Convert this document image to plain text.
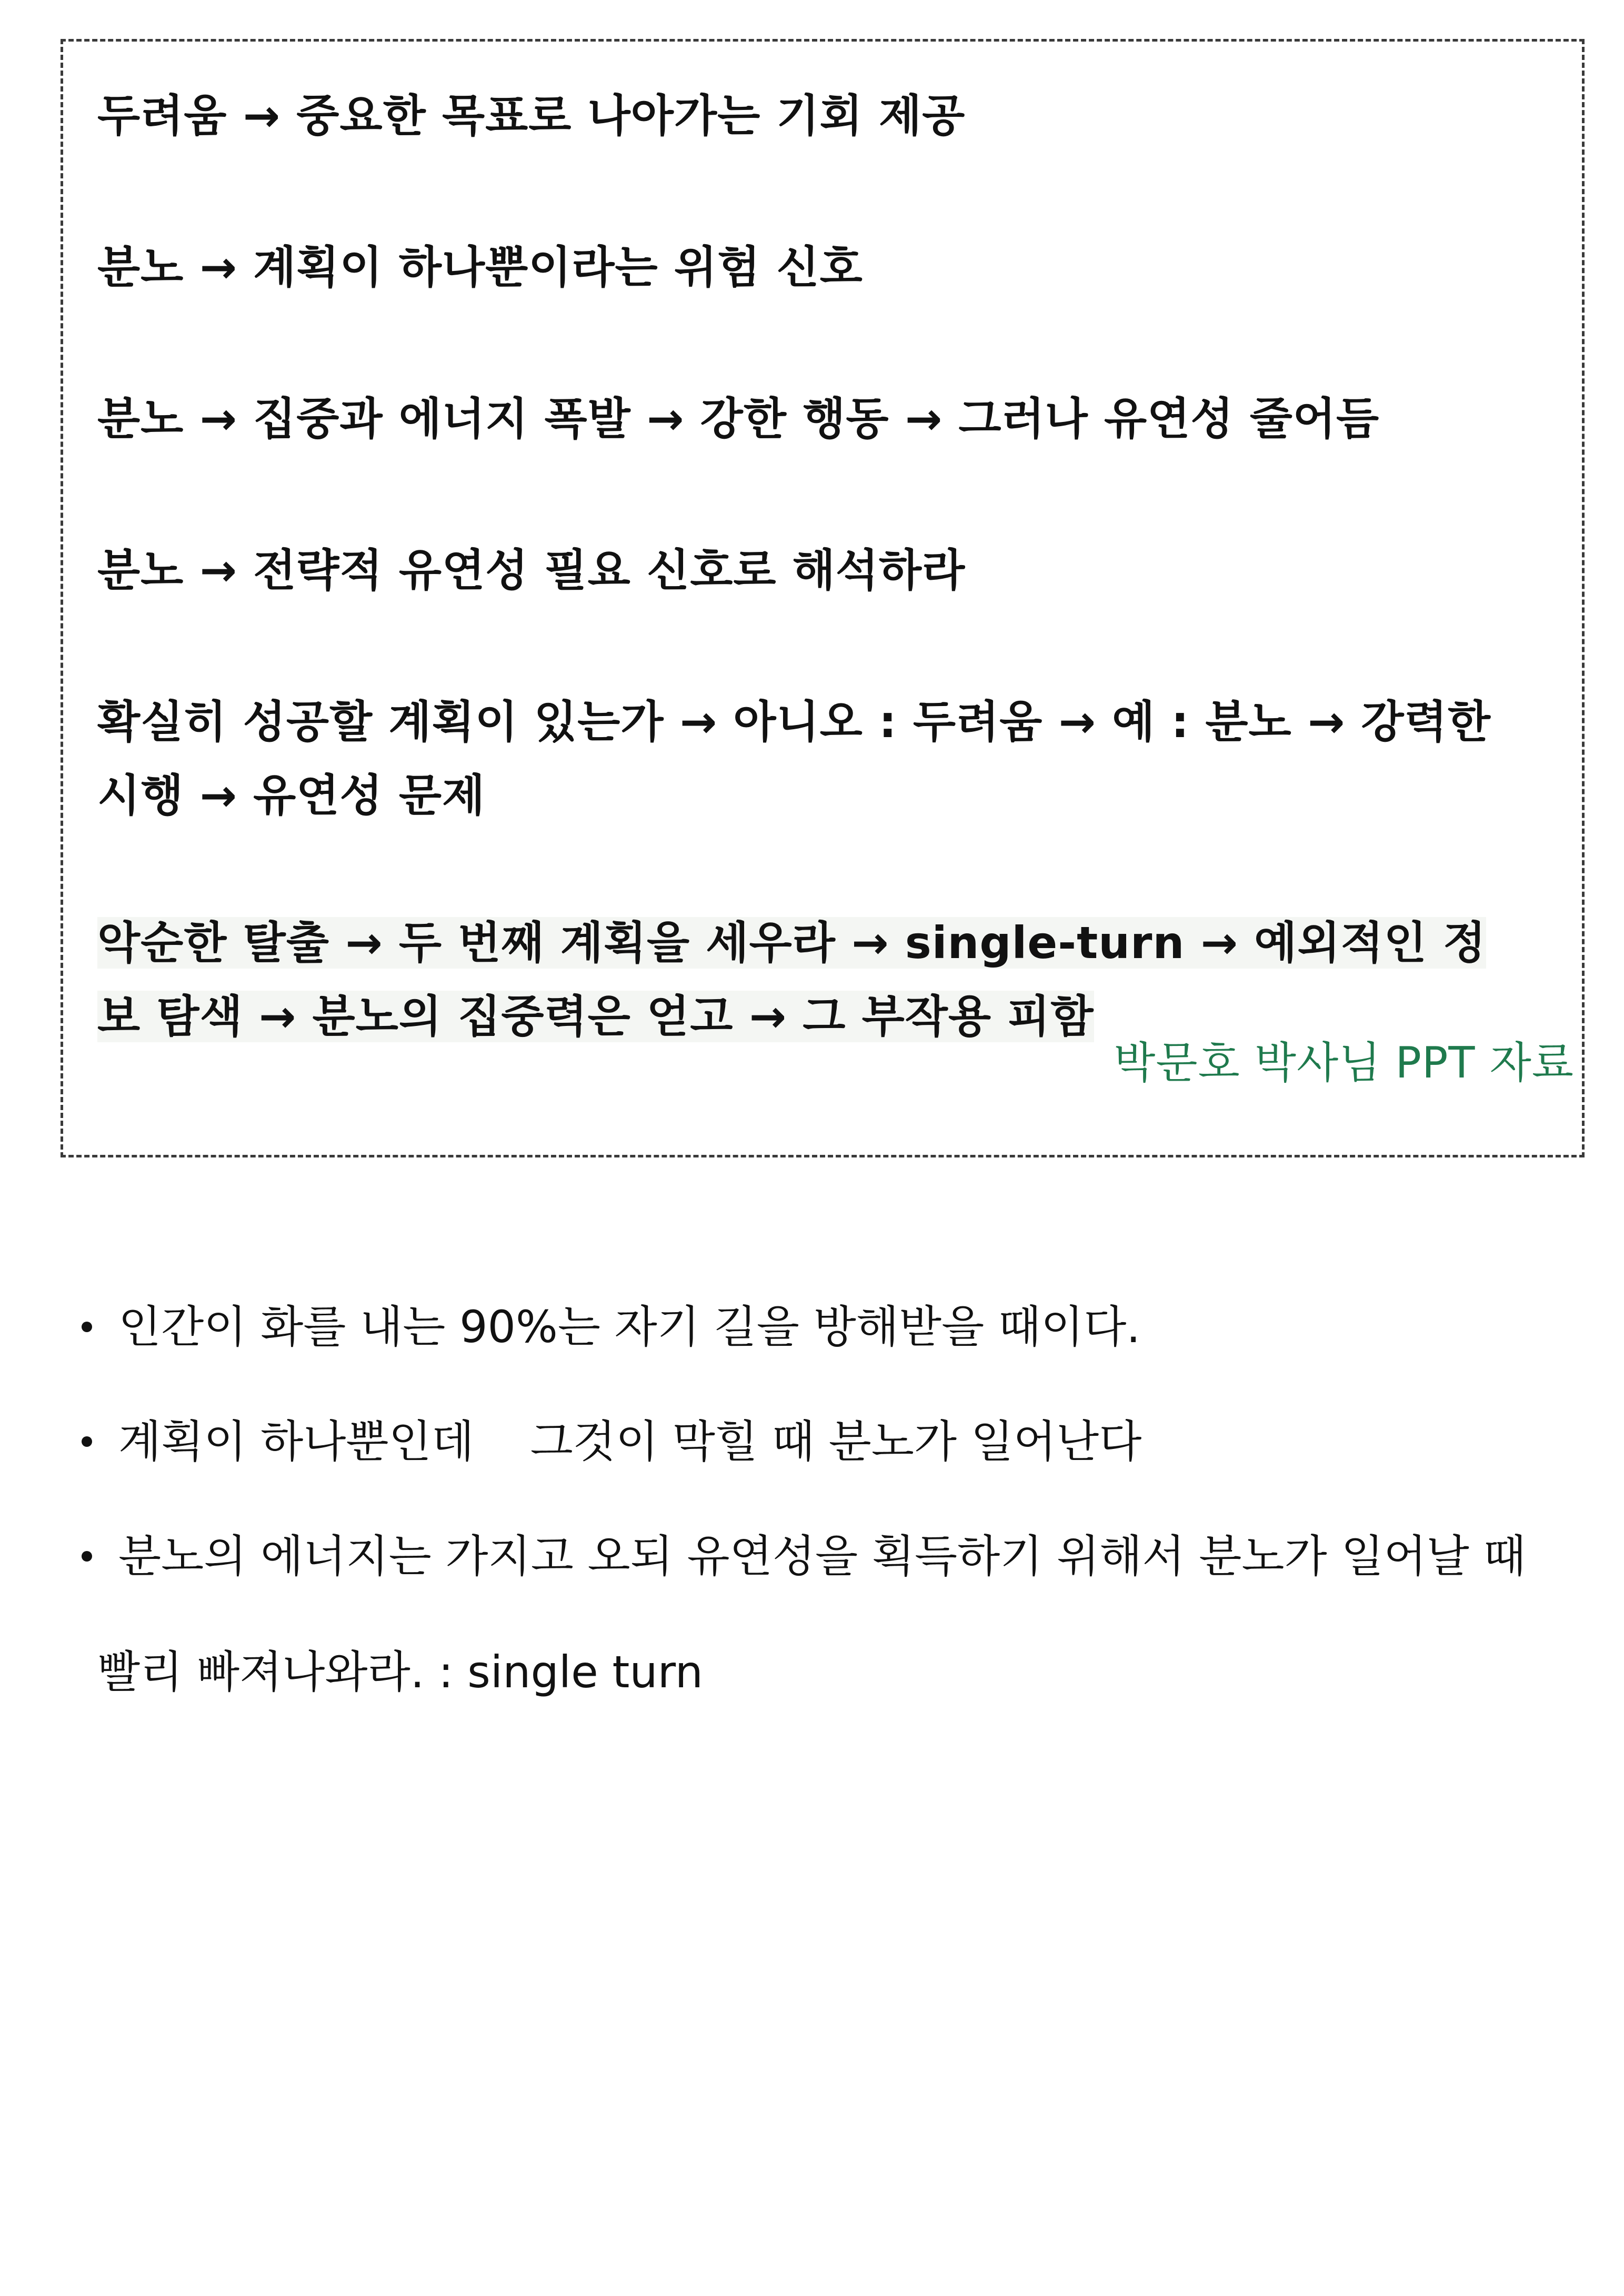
두려움 → 중요한 목표로 나아가는 기회 제공
분노 → 계획이 하나뿐이라는 위험 신호
분노 → 집중과 에너지 폭발 → 강한 행동 → 그러나 유연성 줄어듬
분노 → 전략적 유연성 필요 신호로 해석하라
확실히 성공할 계획이 있는가 → 아니오 : 두려움 → 예 : 분노 → 강력한 시행 → 유연성 문제
악순한 탈출 → 두 번째 계획을 세우라 → single-turn → 예외적인 정보 탐색 → 분노의 집중력은 얻고 → 그 부작용 피함
박문호 박사님 PPT 자료
인간이 화를 내는 90%는 자기 길을 방해받을 때이다.
계획이 하나뿐인데    그것이 막힐 때 분노가 일어난다
분노의 에너지는 가지고 오되 유연성을 획득하기 위해서 분노가 일어날 때
빨리 빠져나와라. : single turn
